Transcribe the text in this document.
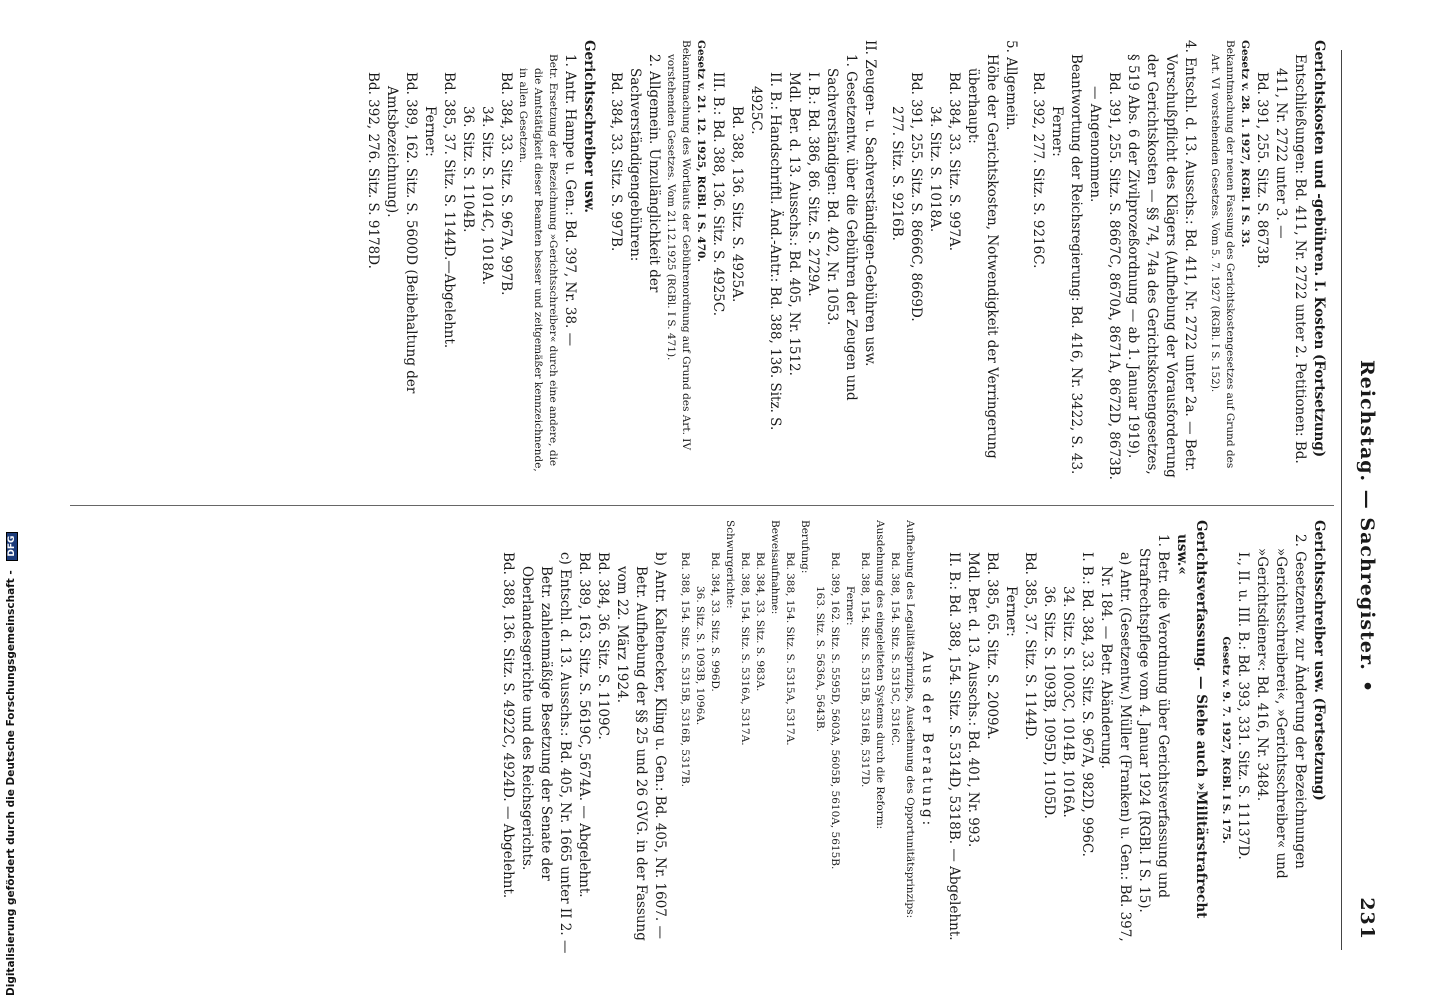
Reichstag. — Sachregister.
•
231

Gerichtskosten und -gebühren. I. Kosten (Fortsetzung)

Entschließungen: Bd. 411, Nr. 2722 unter 2. Petitionen: Bd. 411, Nr. 2722 unter 3. —

Bd. 391, 255. Sitz. S. 8673B.

Gesetz v. 28. 1. 1927, RGBl. I S. 33.

Bekanntmachung der neuen Fassung des Gerichtskostengesetzes auf Grund des Art. VI vorstehenden Gesetzes. Vom 5. 7. 1927 (RGBl. I S. 152).

4. Entschl. d. 13. Ausschs.: Bd. 411, Nr. 2722 unter 2a. — Betr. Vorschußpflicht des Klägers (Aufhebung der Vorausforderung der Gerichtskosten — §§ 74, 74a des Gerichtskostengesetzes, § 519 Abs. 6 der Zivilprozeßordnung — ab 1. Januar 1919).

Bd. 391, 255. Sitz. S. 8667C, 8670A, 8671A, 8672D, 8673B. — Angenommen.

Beantwortung der Reichsregierung: Bd. 416, Nr. 3422, S. 43.

Ferner:

Bd. 392, 277. Sitz. S. 9216C.

5. Allgemein.

Höhe der Gerichtskosten, Notwendigkeit der Verringerung überhaupt:

Bd. 384, 33. Sitz. S. 997A.

34. Sitz. S. 1018A.

Bd. 391, 255. Sitz. S. 8666C, 8669D.

277. Sitz. S. 9216B.

II. Zeugen- u. Sachverständigen-Gebühren usw.

1. Gesetzentw. über die Gebühren der Zeugen und Sachverständigen: Bd. 402, Nr. 1053.

I. B.: Bd. 386, 86. Sitz. S. 2729A.

Mdl. Ber. d. 13. Ausschs.: Bd. 405, Nr. 1512.

II. B.: Handschriftl. Änd.-Antr.: Bd. 388, 136. Sitz. S. 4925C.

Bd. 388, 136. Sitz. S. 4925A.

III. B.: Bd. 388, 136. Sitz. S. 4925C.

Gesetz v. 21. 12. 1925, RGBl. I S. 470.

Bekanntmachung des Wortlauts der Gebührenordnung auf Grund des Art. IV vorstehenden Gesetzes. Vom 21.12.1925 (RGBl. I S. 471).

2. Allgemein. Unzulänglichkeit der Sachverständigengebühren:

Bd. 384, 33. Sitz. S. 997B.

Gerichtsschreiber usw.

1. Antr. Hampe u. Gen.: Bd. 397, Nr. 38. —

Betr. Ersetzung der Bezeichnung »Gerichtsschreiber« durch eine andere, die die Amtstätigkeit dieser Beamten besser und zeitgemäßer kennzeichnende, in allen Gesetzen.

Bd. 384, 33. Sitz. S. 967A, 997B.

34. Sitz. S. 1014C, 1018A.

36. Sitz. S. 1104B.

Bd. 385, 37. Sitz. S. 1144D.—Abgelehnt.

Ferner:

Bd. 389, 162. Sitz. S. 5600D (Beibehaltung der Amtsbezeichnung).

Bd. 392, 276. Sitz. S. 9178D.

Gerichtsschreiber usw. (Fortsetzung)

2. Gesetzentw. zur Änderung der Bezeichnungen »Gerichtsschreiberei«, »Gerichtsschreiber« und »Gerichtsdiener«: Bd. 416, Nr. 3484.

I., II. u. III. B.: Bd. 393, 331. Sitz. S. 11137D.

Gesetz v. 9. 7. 1927, RGBl. I S. 175.

Gerichtsverfassung. — Siehe auch »Militärstrafrecht usw.«

1. Betr. die Verordnung über Gerichtsverfassung und Strafrechtspflege vom 4. Januar 1924 (RGBl. I S. 15).

a) Antr. (Gesetzentw.) Müller (Franken) u. Gen.: Bd. 397, Nr. 184. — Betr. Abänderung.

I. B.: Bd. 384, 33. Sitz. S. 967A, 982D, 996C.

34. Sitz. S. 1003C, 1014B, 1016A.

36. Sitz. S. 1093B, 1095D, 1105D.

Bd. 385, 37. Sitz. S. 1144D.

Ferner:

Bd. 385, 65. Sitz. S. 2009A.

Mdl. Ber. d. 13. Ausschs.: Bd. 401, Nr. 993.

II. B.: Bd. 388, 154. Sitz. S. 5314D, 5318B. — Abgelehnt.

Aus der Beratung:

Aufhebung des Legalitätsprinzips, Ausdehnung des Opportunitätsprinzips:

Bd. 388, 154. Sitz. S. 5315C, 5316C.

Ausdehnung des eingeleiteten Systems durch die Reform:

Bd. 388, 154. Sitz. S. 5315B, 5316B, 5317D.

Ferner:

Bd. 389, 162. Sitz. S. 5595D, 5603A, 5605B, 5610A, 5615B.

163. Sitz. S. 5636A, 5643B.

Berufung:

Bd. 388, 154. Sitz. S. 5315A, 5317A.

Beweisaufnahme:

Bd. 384, 33. Sitz. S. 983A.

Bd. 388, 154. Sitz. S. 5316A, 5317A.

Schwurgerichte:

Bd. 384, 33. Sitz. S. 996D.

36. Sitz. S. 1093B, 1096A.

Bd. 388, 154. Sitz. S. 5315B, 5316B, 5317B.

b) Antr. Kaltenecker, Kling u. Gen.: Bd. 405, Nr. 1607. — Betr. Aufhebung der §§ 25 und 26 GVG. in der Fassung vom 22. März 1924.

Bd. 384, 36. Sitz. S. 1109C.

Bd. 389, 163. Sitz. S. 5619C, 5674A. — Abgelehnt.

c) Entschl. d. 13. Ausschs.: Bd. 405, Nr. 1665 unter II 2. — Betr. zahlenmäßige Besetzung der Senate der Oberlandesgerichte und des Reichsgerichts.

Bd. 388, 136. Sitz. S. 4922C, 4924D. — Abgelehnt.

Digitalisierung gefördert durch die Deutsche Forschungsgemeinschaft - DFG
